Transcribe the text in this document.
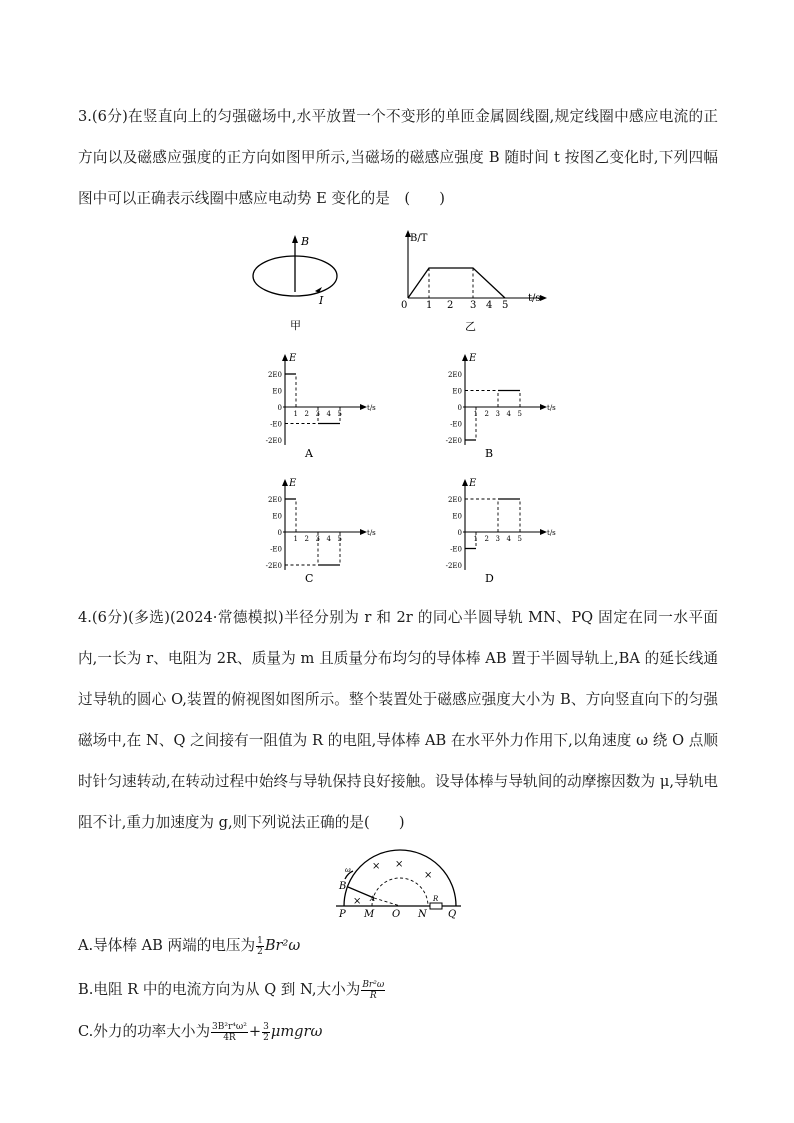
3.(6分)在竖直向上的匀强磁场中,水平放置一个不变形的单匝金属圆线圈,规定线圈中感应电流的正方向以及磁感应强度的正方向如图甲所示,当磁场的磁感应强度 B 随时间 t 按图乙变化时,下列四幅图中可以正确表示线圈中感应电动势 E 变化的是　(　　)
B
I
甲
B/T
t/s
0 1 2 3 4 5
乙
2E0
E0
0
-E0
-2E0
1 2 3 4 5
t/s
E
A
2E0
E0
0
-E0
-2E0
1 2 3 4 5
t/s
E
B
2E0
E0
0
-E0
-2E0
1 2 3 4 5
t/s
E
C
2E0
E0
0
-E0
-2E0
1 2 3 4 5
t/s
E
D
4.(6分)(多选)(2024·常德模拟)半径分别为 r 和 2r 的同心半圆导轨 MN、PQ 固定在同一水平面内,一长为 r、电阻为 2R、质量为 m 且质量分布均匀的导体棒 AB 置于半圆导轨上,BA 的延长线通过导轨的圆心 O,装置的俯视图如图所示。整个装置处于磁感应强度大小为 B、方向竖直向下的匀强磁场中,在 N、Q 之间接有一阻值为 R 的电阻,导体棒 AB 在水平外力作用下,以角速度 ω 绕 O 点顺时针匀速转动,在转动过程中始终与导轨保持良好接触。设导体棒与导轨间的动摩擦因数为 μ,导轨电阻不计,重力加速度为 g,则下列说法正确的是(　　)
× ×
×
×
ω
B
A
P M O N
R
Q
A.导体棒 AB 两端的电压为 $\frac{1}{2} Br^2\omega$
B.电阻 R 中的电流方向为从 Q 到 N,大小为 $\frac{\text{Br²ω}}{R}$
C.外力的功率大小为 $\frac{\text{3B²r⁴ω²}}{4R} + \frac{3}{2}$ μmgrω
